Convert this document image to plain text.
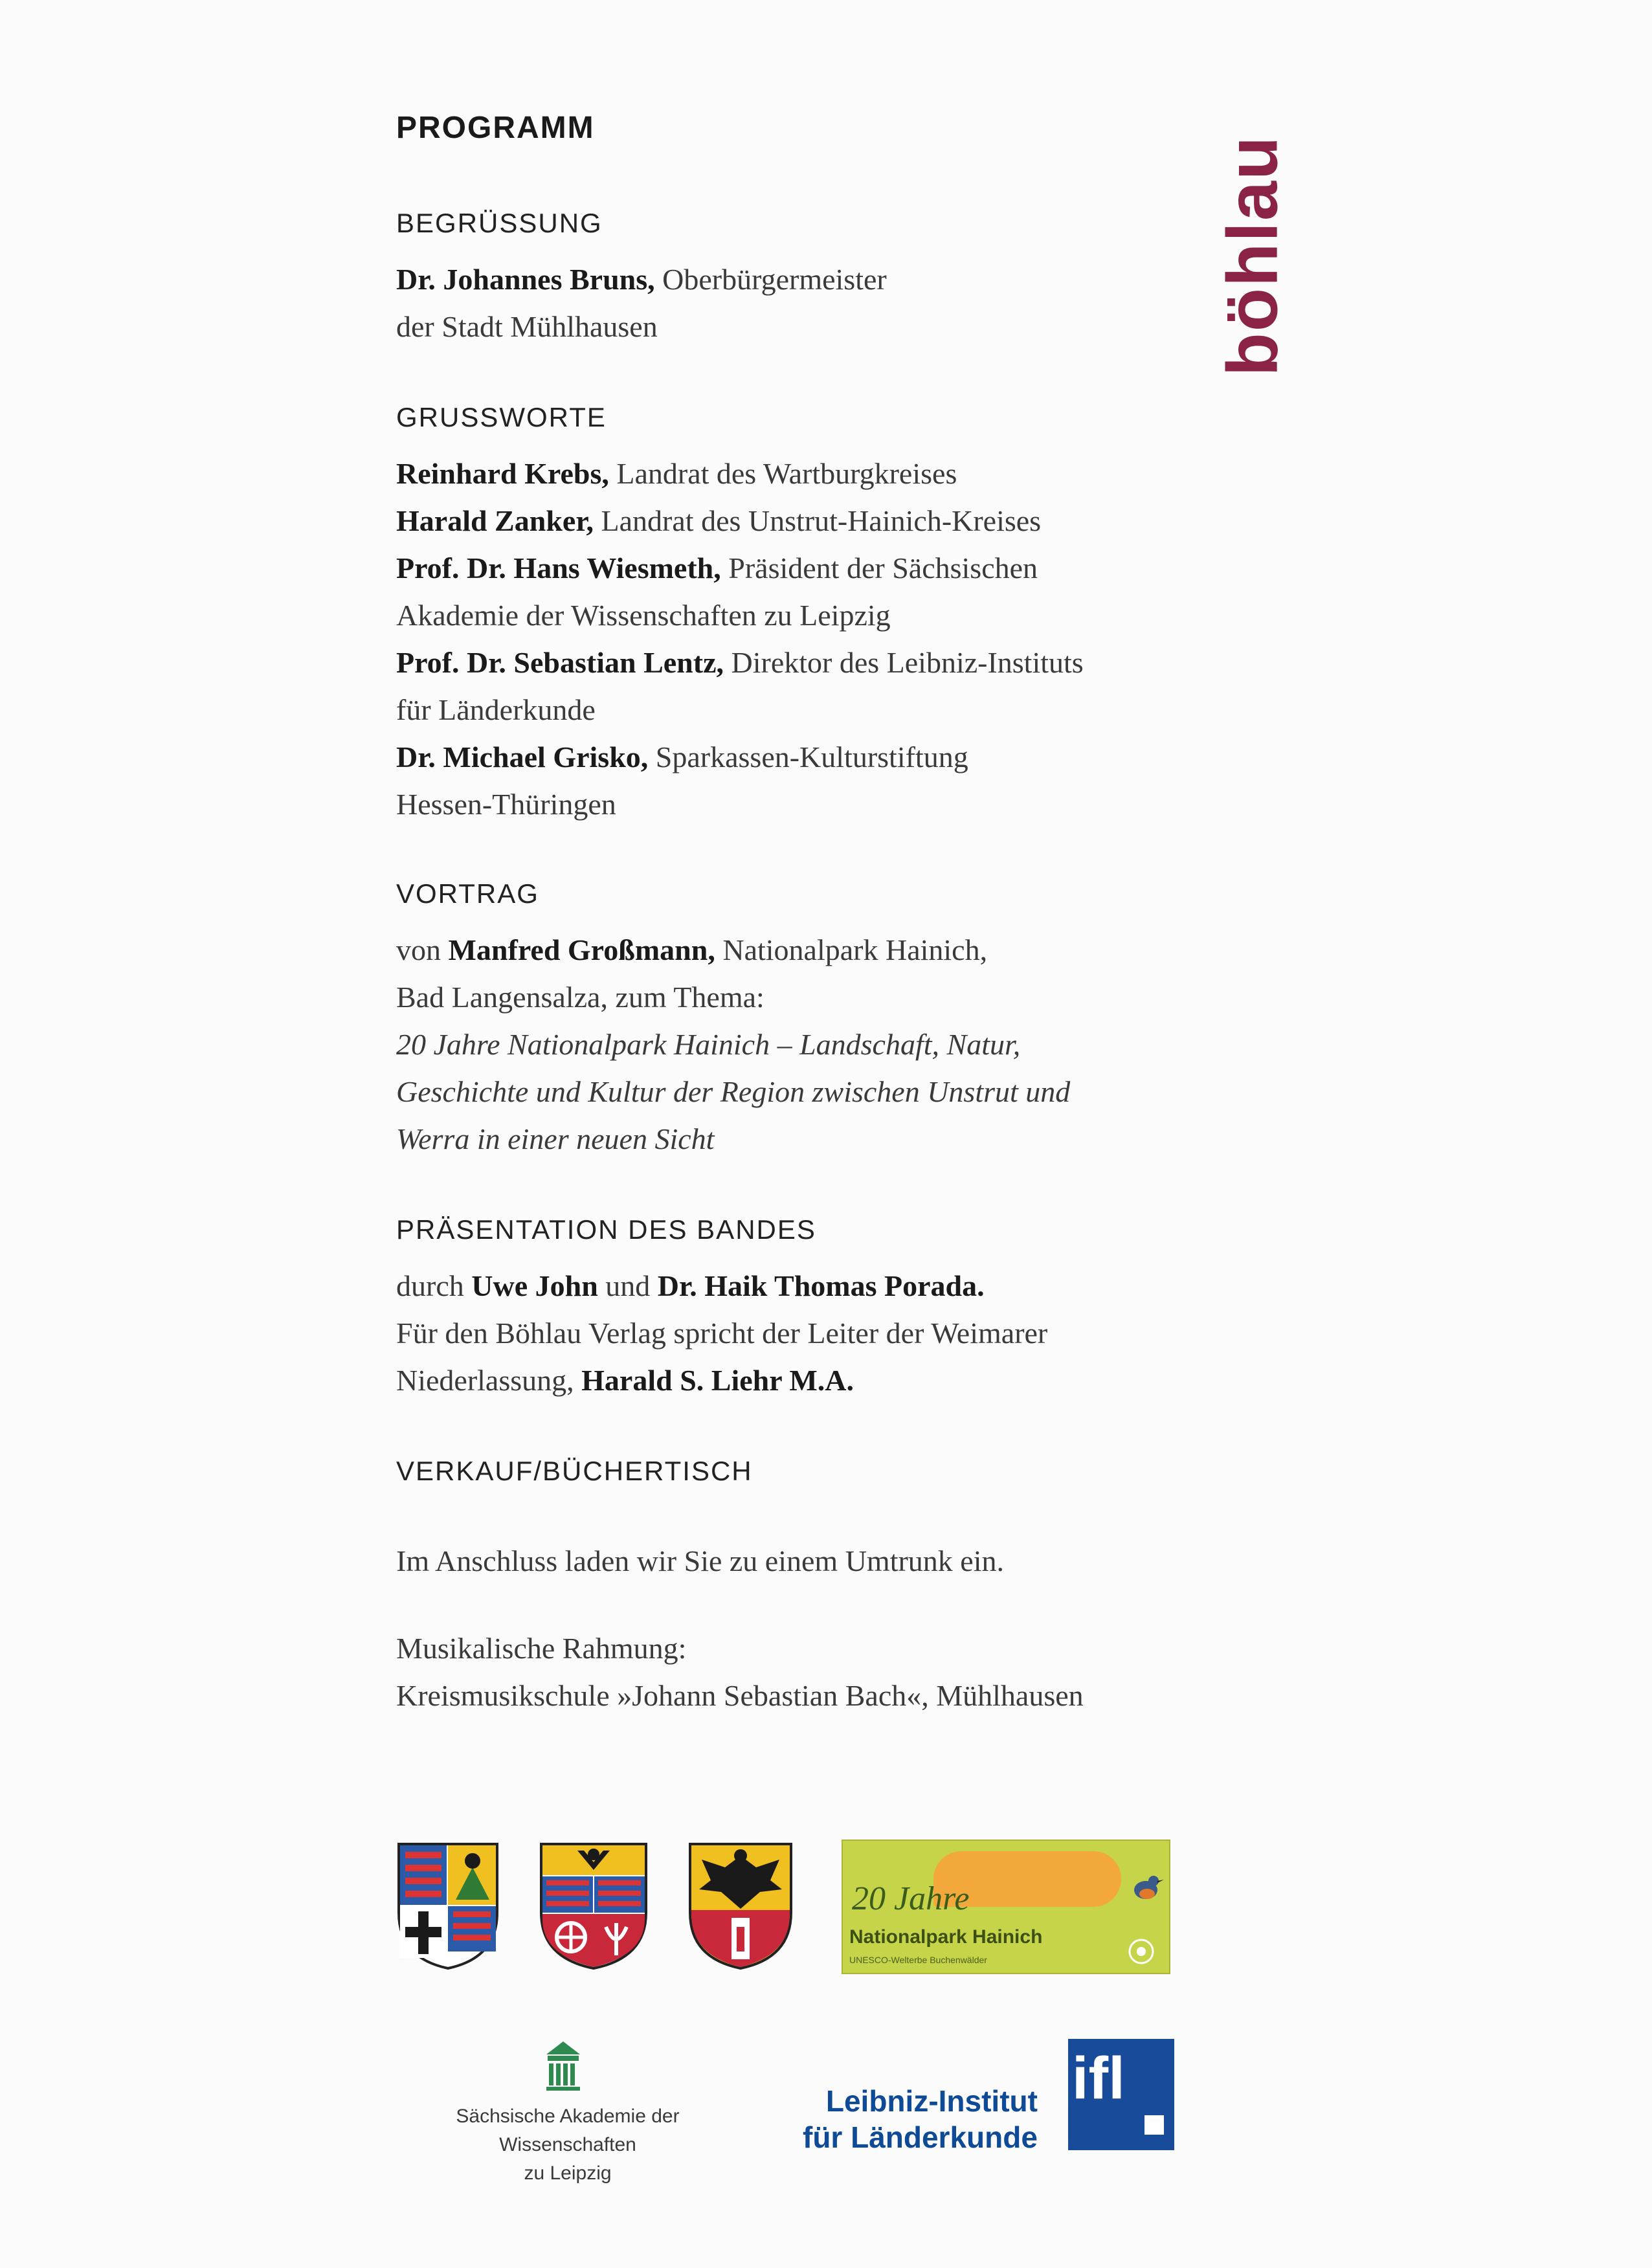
böhlau
PROGRAMM
BEGRÜSSUNG

Dr. Johannes Bruns, Oberbürgermeister
der Stadt Mühlhausen

GRUSSWORTE

Reinhard Krebs, Landrat des Wartburgkreises
Harald Zanker, Landrat des Unstrut-Hainich-Kreises
Prof. Dr. Hans Wiesmeth, Präsident der Sächsischen
Akademie der Wissenschaften zu Leipzig
Prof. Dr. Sebastian Lentz, Direktor des Leibniz-Instituts
für Länderkunde
Dr. Michael Grisko, Sparkassen-Kulturstiftung
Hessen-Thüringen

VORTRAG

von Manfred Großmann, Nationalpark Hainich,
Bad Langensalza, zum Thema:
20 Jahre Nationalpark Hainich – Landschaft, Natur,
Geschichte und Kultur der Region zwischen Unstrut und
Werra in einer neuen Sicht

PRÄSENTATION DES BANDES

durch Uwe John und Dr. Haik Thomas Porada.
Für den Böhlau Verlag spricht der Leiter der Weimarer
Niederlassung, Harald S. Liehr M.A.

VERKAUF/BÜCHERTISCH

Im Anschluss laden wir Sie zu einem Umtrunk ein.

Musikalische Rahmung:

Kreismusikschule »Johann Sebastian Bach«, Mühlhausen

20 Jahre
Nationalpark Hainich
UNESCO-Welterbe Buchenwälder
Sächsische Akademie der Wissenschaften
zu Leipzig
Leibniz-Institut
für Länderkunde
ifl
